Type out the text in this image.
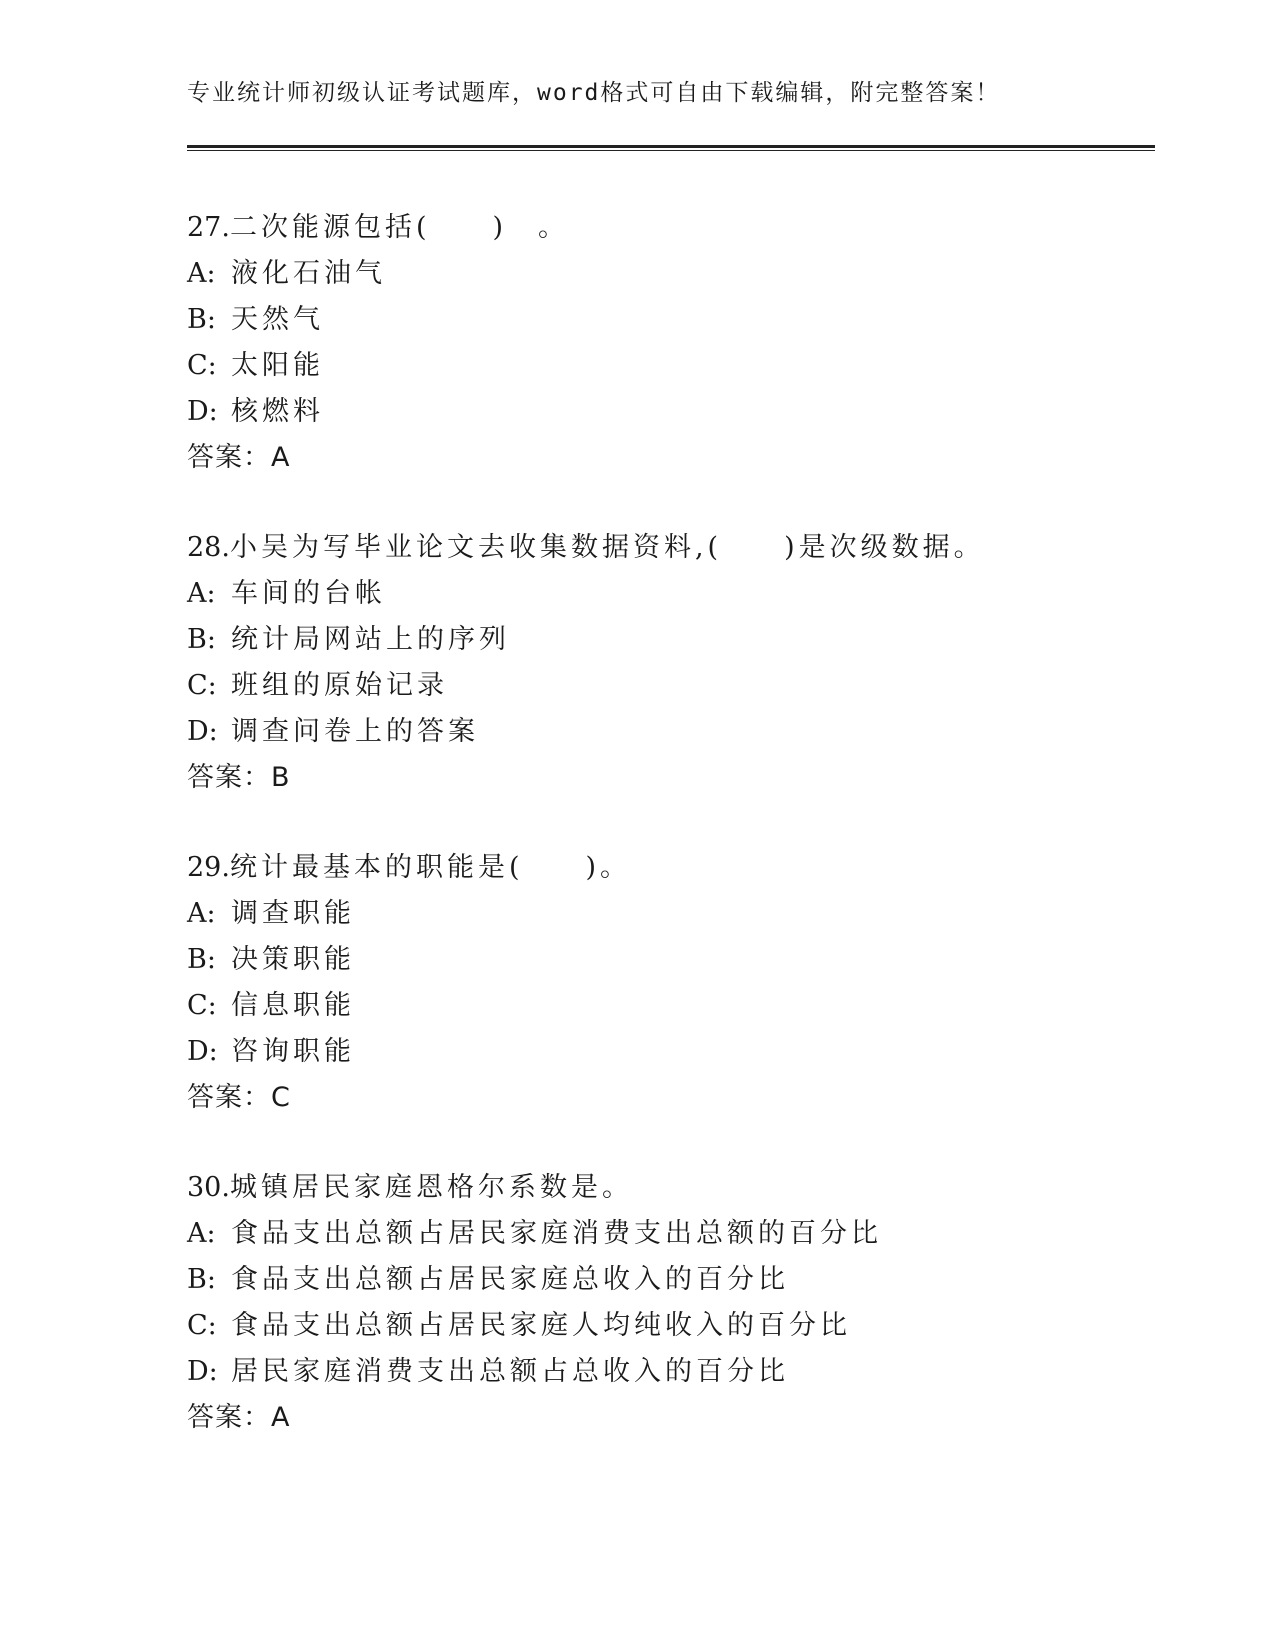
专业统计师初级认证考试题库，word格式可自由下载编辑，附完整答案！
27.二次能源包括(　　)　。
A: 液化石油气
B: 天然气
C: 太阳能
D: 核燃料
答案：A
28.小吴为写毕业论文去收集数据资料,(　　)是次级数据。
A: 车间的台帐
B: 统计局网站上的序列
C: 班组的原始记录
D: 调查问卷上的答案
答案：B
29.统计最基本的职能是(　　)。
A: 调查职能
B: 决策职能
C: 信息职能
D: 咨询职能
答案：C
30.城镇居民家庭恩格尔系数是。
A: 食品支出总额占居民家庭消费支出总额的百分比
B: 食品支出总额占居民家庭总收入的百分比
C: 食品支出总额占居民家庭人均纯收入的百分比
D: 居民家庭消费支出总额占总收入的百分比
答案：A
